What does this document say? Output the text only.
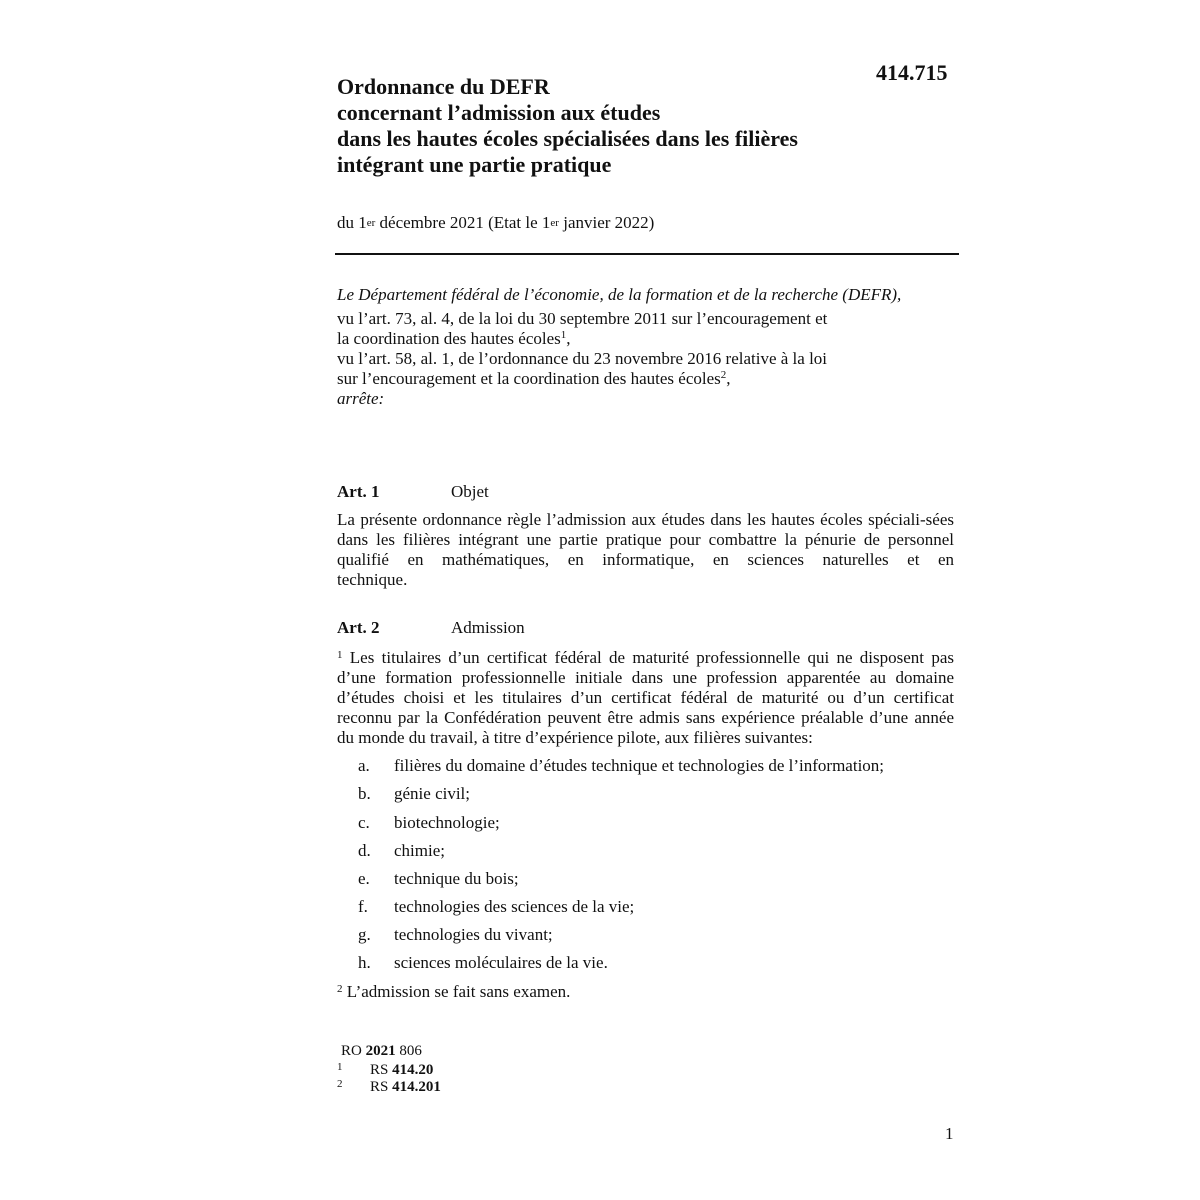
414.715
Ordonnance du DEFR
concernant l’admission aux études
dans les hautes écoles spécialisées dans les filières
intégrant une partie pratique
du 1er décembre 2021 (Etat le 1er janvier 2022)
Le Département fédéral de l’économie, de la formation et de la recherche (DEFR),
vu l’art. 73, al. 4, de la loi du 30 septembre 2011 sur l’encouragement et
la coordination des hautes écoles$^1$,
vu l’art. 58, al. 1, de l’ordonnance du 23 novembre 2016 relative à la loi
sur l’encouragement et la coordination des hautes écoles$^2$,
arrête:
Art. 1	Objet
La présente ordonnance règle l’admission aux études dans les hautes écoles spéciali-sées dans les filières intégrant une partie pratique pour combattre la pénurie de personnel qualifié en mathématiques, en informatique, en sciences naturelles et en
technique.
Art. 2	Admission
$^1$ Les titulaires d’un certificat fédéral de maturité professionnelle qui ne disposent pas d’une formation professionnelle initiale dans une profession apparentée au domaine d’études choisi et les titulaires d’un certificat fédéral de maturité ou d’un certificat reconnu par la Confédération peuvent être admis sans expérience préalable d’une année du monde du travail, à titre d’expérience pilote, aux filières suivantes:
a. filières du domaine d’études technique et technologies de l’information;
b. génie civil;
c. biotechnologie;
d. chimie;
e. technique du bois;
f. technologies des sciences de la vie;
g. technologies du vivant;
h. sciences moléculaires de la vie.
$^2$ L’admission se fait sans examen.
RO 2021 806
1 RS 414.20
2 RS 414.201
1
